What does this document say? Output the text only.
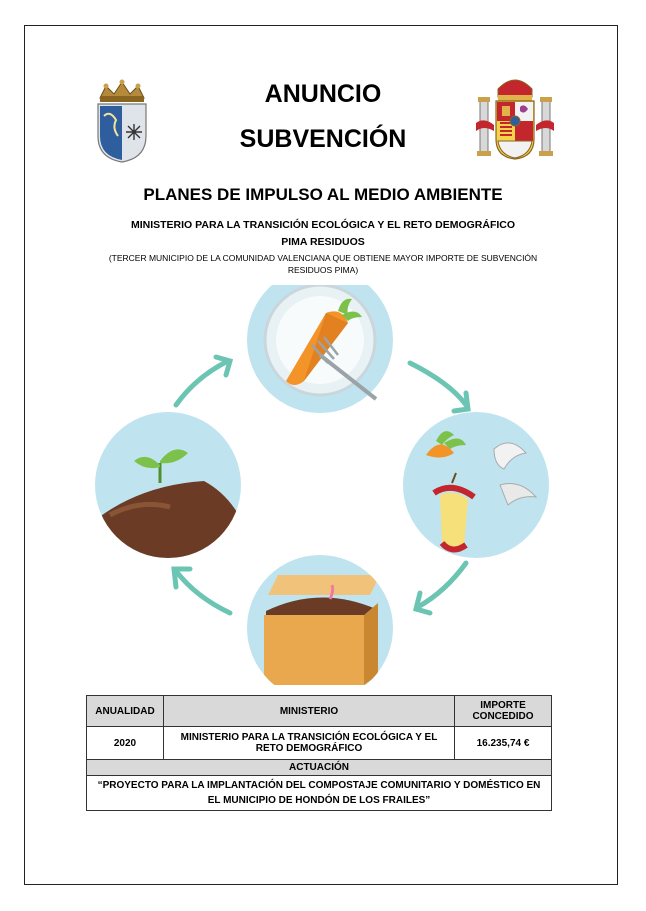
ANUNCIO
SUBVENCIÓN
PLANES DE IMPULSO AL MEDIO AMBIENTE
MINISTERIO PARA LA TRANSICIÓN ECOLÓGICA Y EL RETO DEMOGRÁFICO
PIMA RESIDUOS
(TERCER MUNICIPIO DE LA COMUNIDAD VALENCIANA QUE OBTIENE MAYOR IMPORTE DE SUBVENCIÓN RESIDUOS PIMA)
ANUALIDAD	MINISTERIO	IMPORTE CONCEDIDO
2020	MINISTERIO PARA LA TRANSICIÓN ECOLÓGICA Y EL RETO DEMOGRÁFICO	16.235,74 €
ACTUACIÓN		
“PROYECTO PARA LA IMPLANTACIÓN DEL COMPOSTAJE COMUNITARIO Y DOMÉSTICO EN EL MUNICIPIO DE HONDÓN DE LOS FRAILES”		
